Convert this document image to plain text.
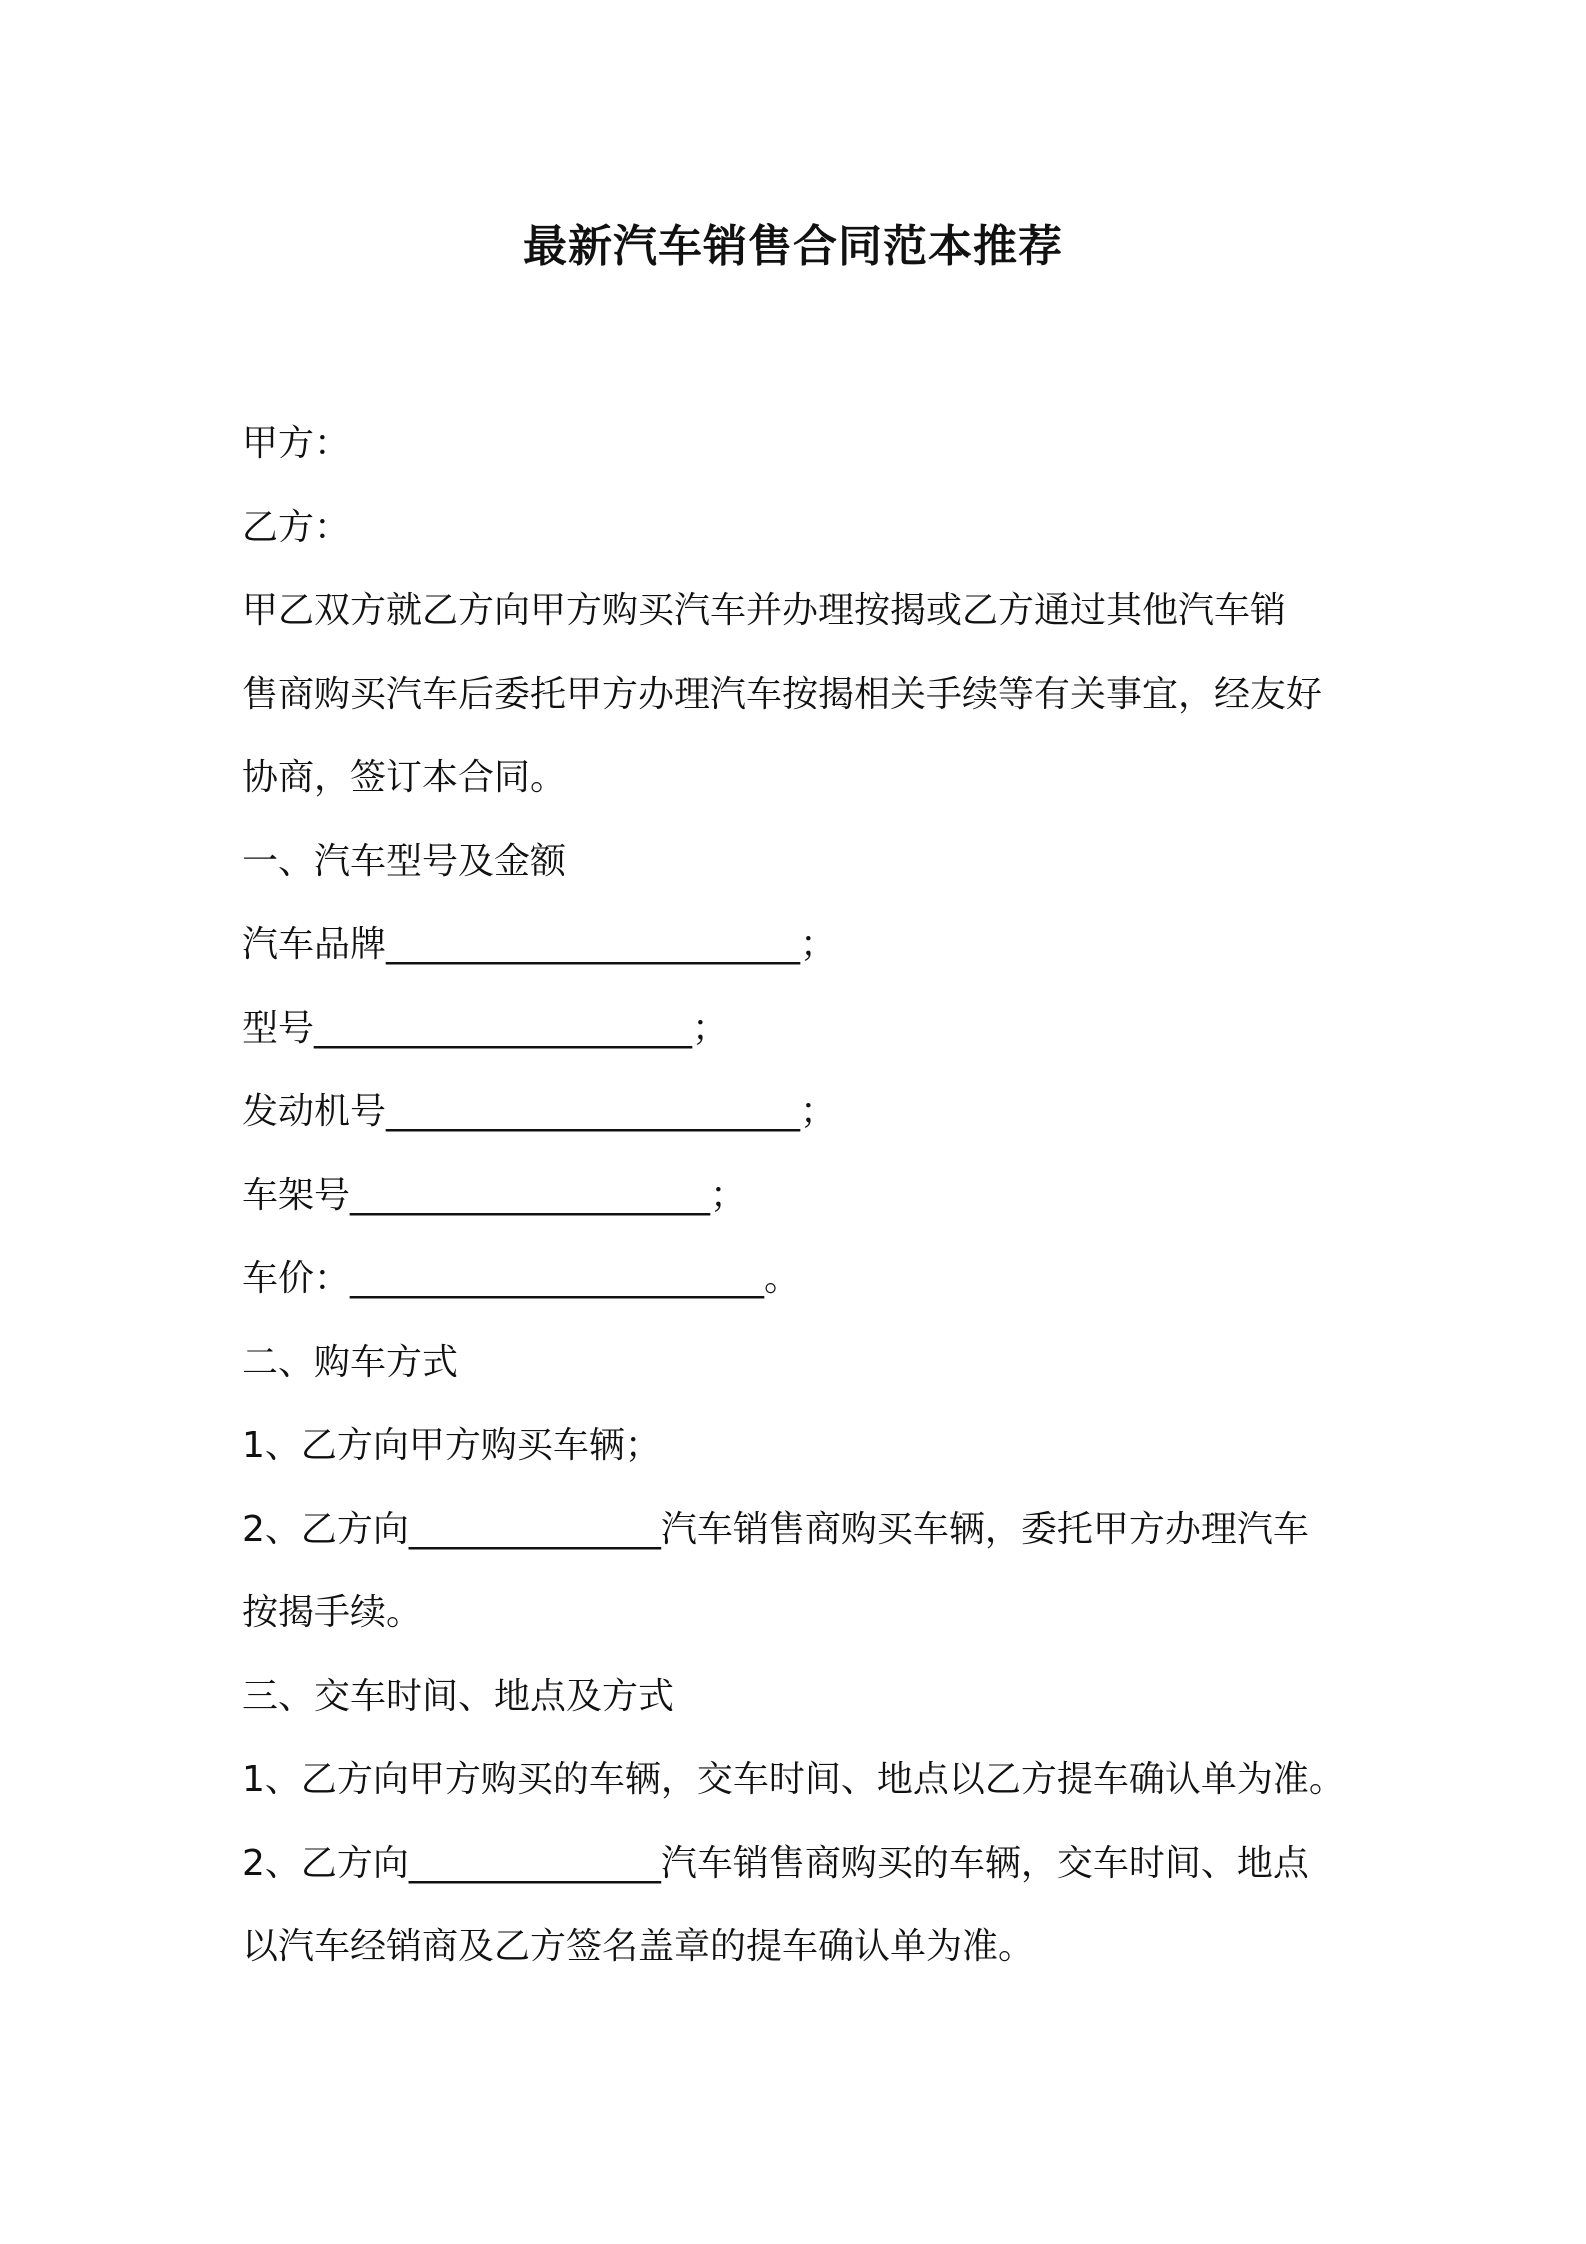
最新汽车销售合同范本推荐

甲方：

乙方：

甲乙双方就乙方向甲方购买汽车并办理按揭或乙方通过其他汽车销

售商购买汽车后委托甲方办理汽车按揭相关手续等有关事宜，经友好

协商，签订本合同。

一、汽车型号及金额

汽车品牌_______________________；

型号_____________________；

发动机号_______________________；

车架号____________________；

车价：_______________________。

二、购车方式

1、乙方向甲方购买车辆；

2、乙方向______________汽车销售商购买车辆，委托甲方办理汽车

按揭手续。

三、交车时间、地点及方式

1、乙方向甲方购买的车辆，交车时间、地点以乙方提车确认单为准。

2、乙方向______________汽车销售商购买的车辆，交车时间、地点

以汽车经销商及乙方签名盖章的提车确认单为准。
